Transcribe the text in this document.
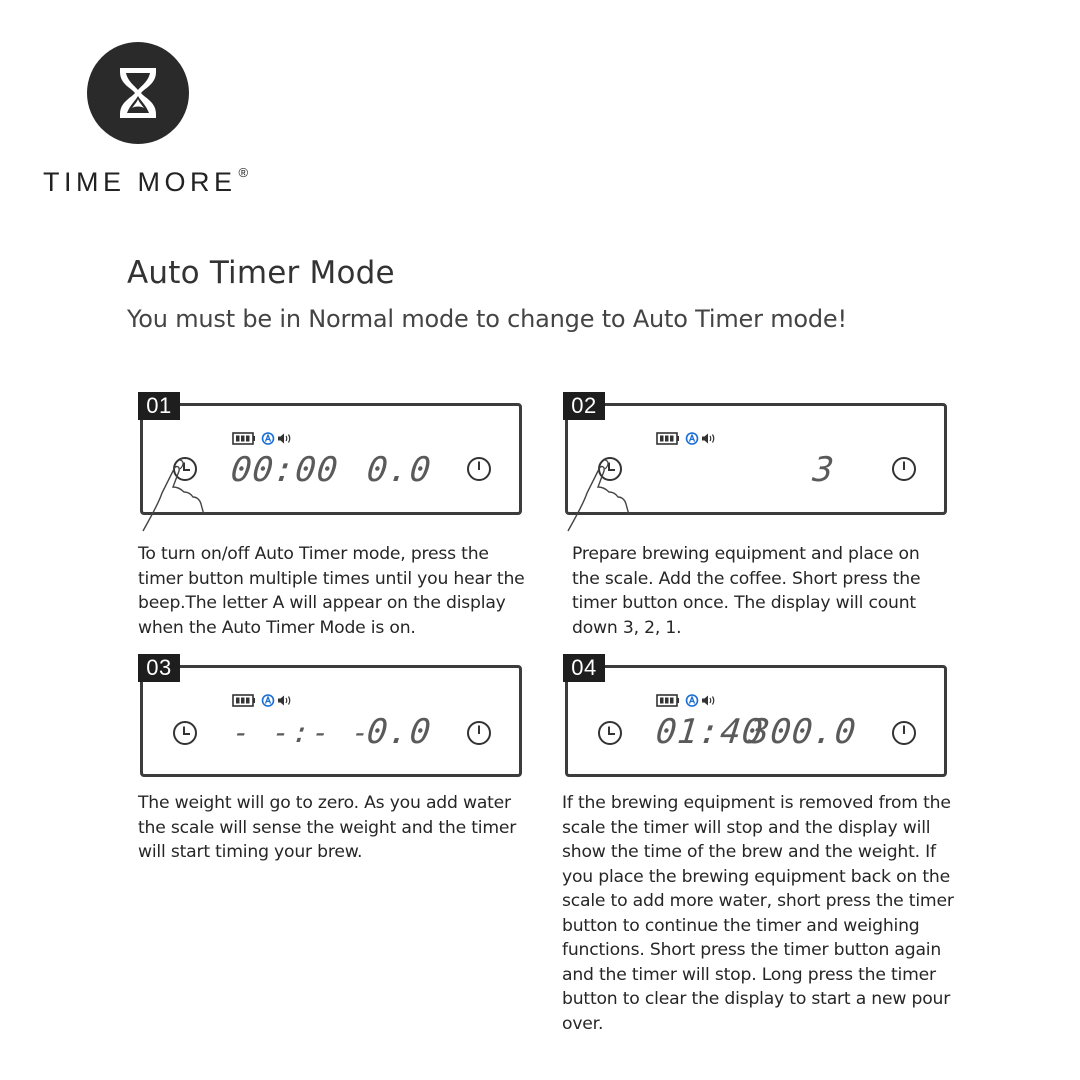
TIME MORE ®
Auto Timer Mode
You must be in Normal mode to change to Auto Timer mode!
01
00:00 0.0
02
3
To turn on/off Auto Timer mode, press the timer button multiple times until you hear the beep.The letter A will appear on the display when the Auto Timer Mode is on.
Prepare brewing equipment and place on the scale. Add the coffee. Short press the timer button once. The display will count down 3, 2, 1.
03
- -:- -
0.0
04
01:40
300.0
The weight will go to zero. As you add water the scale will sense the weight and the timer will start timing your brew.
If the brewing equipment is removed from the scale the timer will stop and the display will show the time of the brew and the weight. If you place the brewing equipment back on the scale to add more water, short press the timer button to continue the timer and weighing functions. Short press the timer button again and the timer will stop. Long press the timer button to clear the display to start a new pour over.
